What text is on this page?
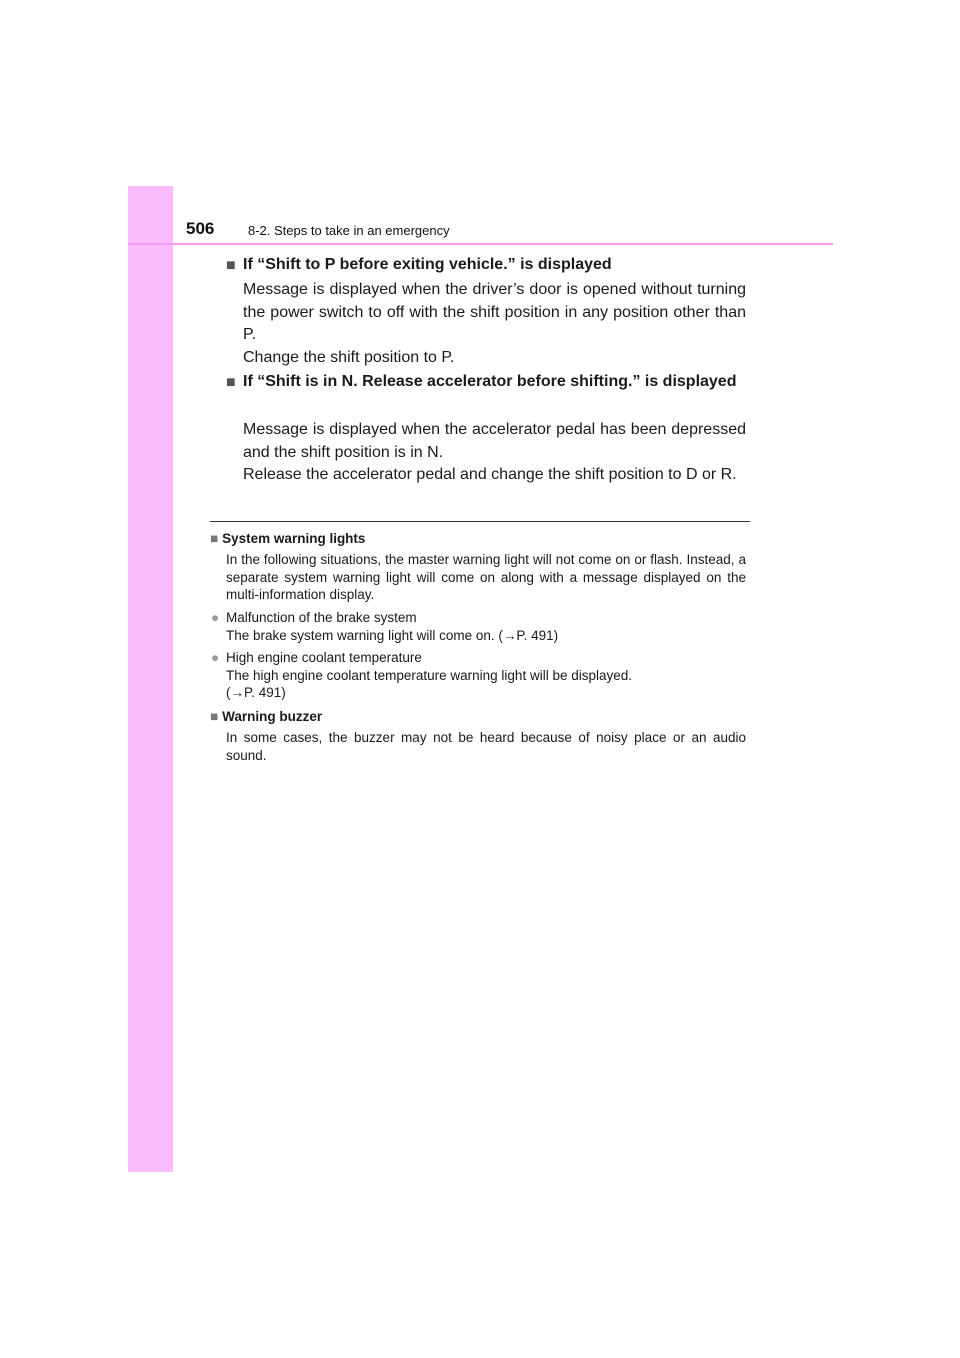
506	8-2. Steps to take in an emergency
■ If “Shift to P before exiting vehicle.” is displayed

Message is displayed when the driver’s door is opened without turning the power switch to off with the shift position in any position other than P.

Change the shift position to P.

■ If “Shift is in N. Release accelerator before shifting.” is displayed

Message is displayed when the accelerator pedal has been depressed and the shift position is in N.

Release the accelerator pedal and change the shift position to D or R.

■ System warning lights
In the following situations, the master warning light will not come on or flash. Instead, a separate system warning light will come on along with a message displayed on the multi-information display.
● Malfunction of the brake system

The brake system warning light will come on. (→P. 491)

● High engine coolant temperature

The high engine coolant temperature warning light will be displayed.

(→P. 491)

■ Warning buzzer
In some cases, the buzzer may not be heard because of noisy place or an audio sound.
